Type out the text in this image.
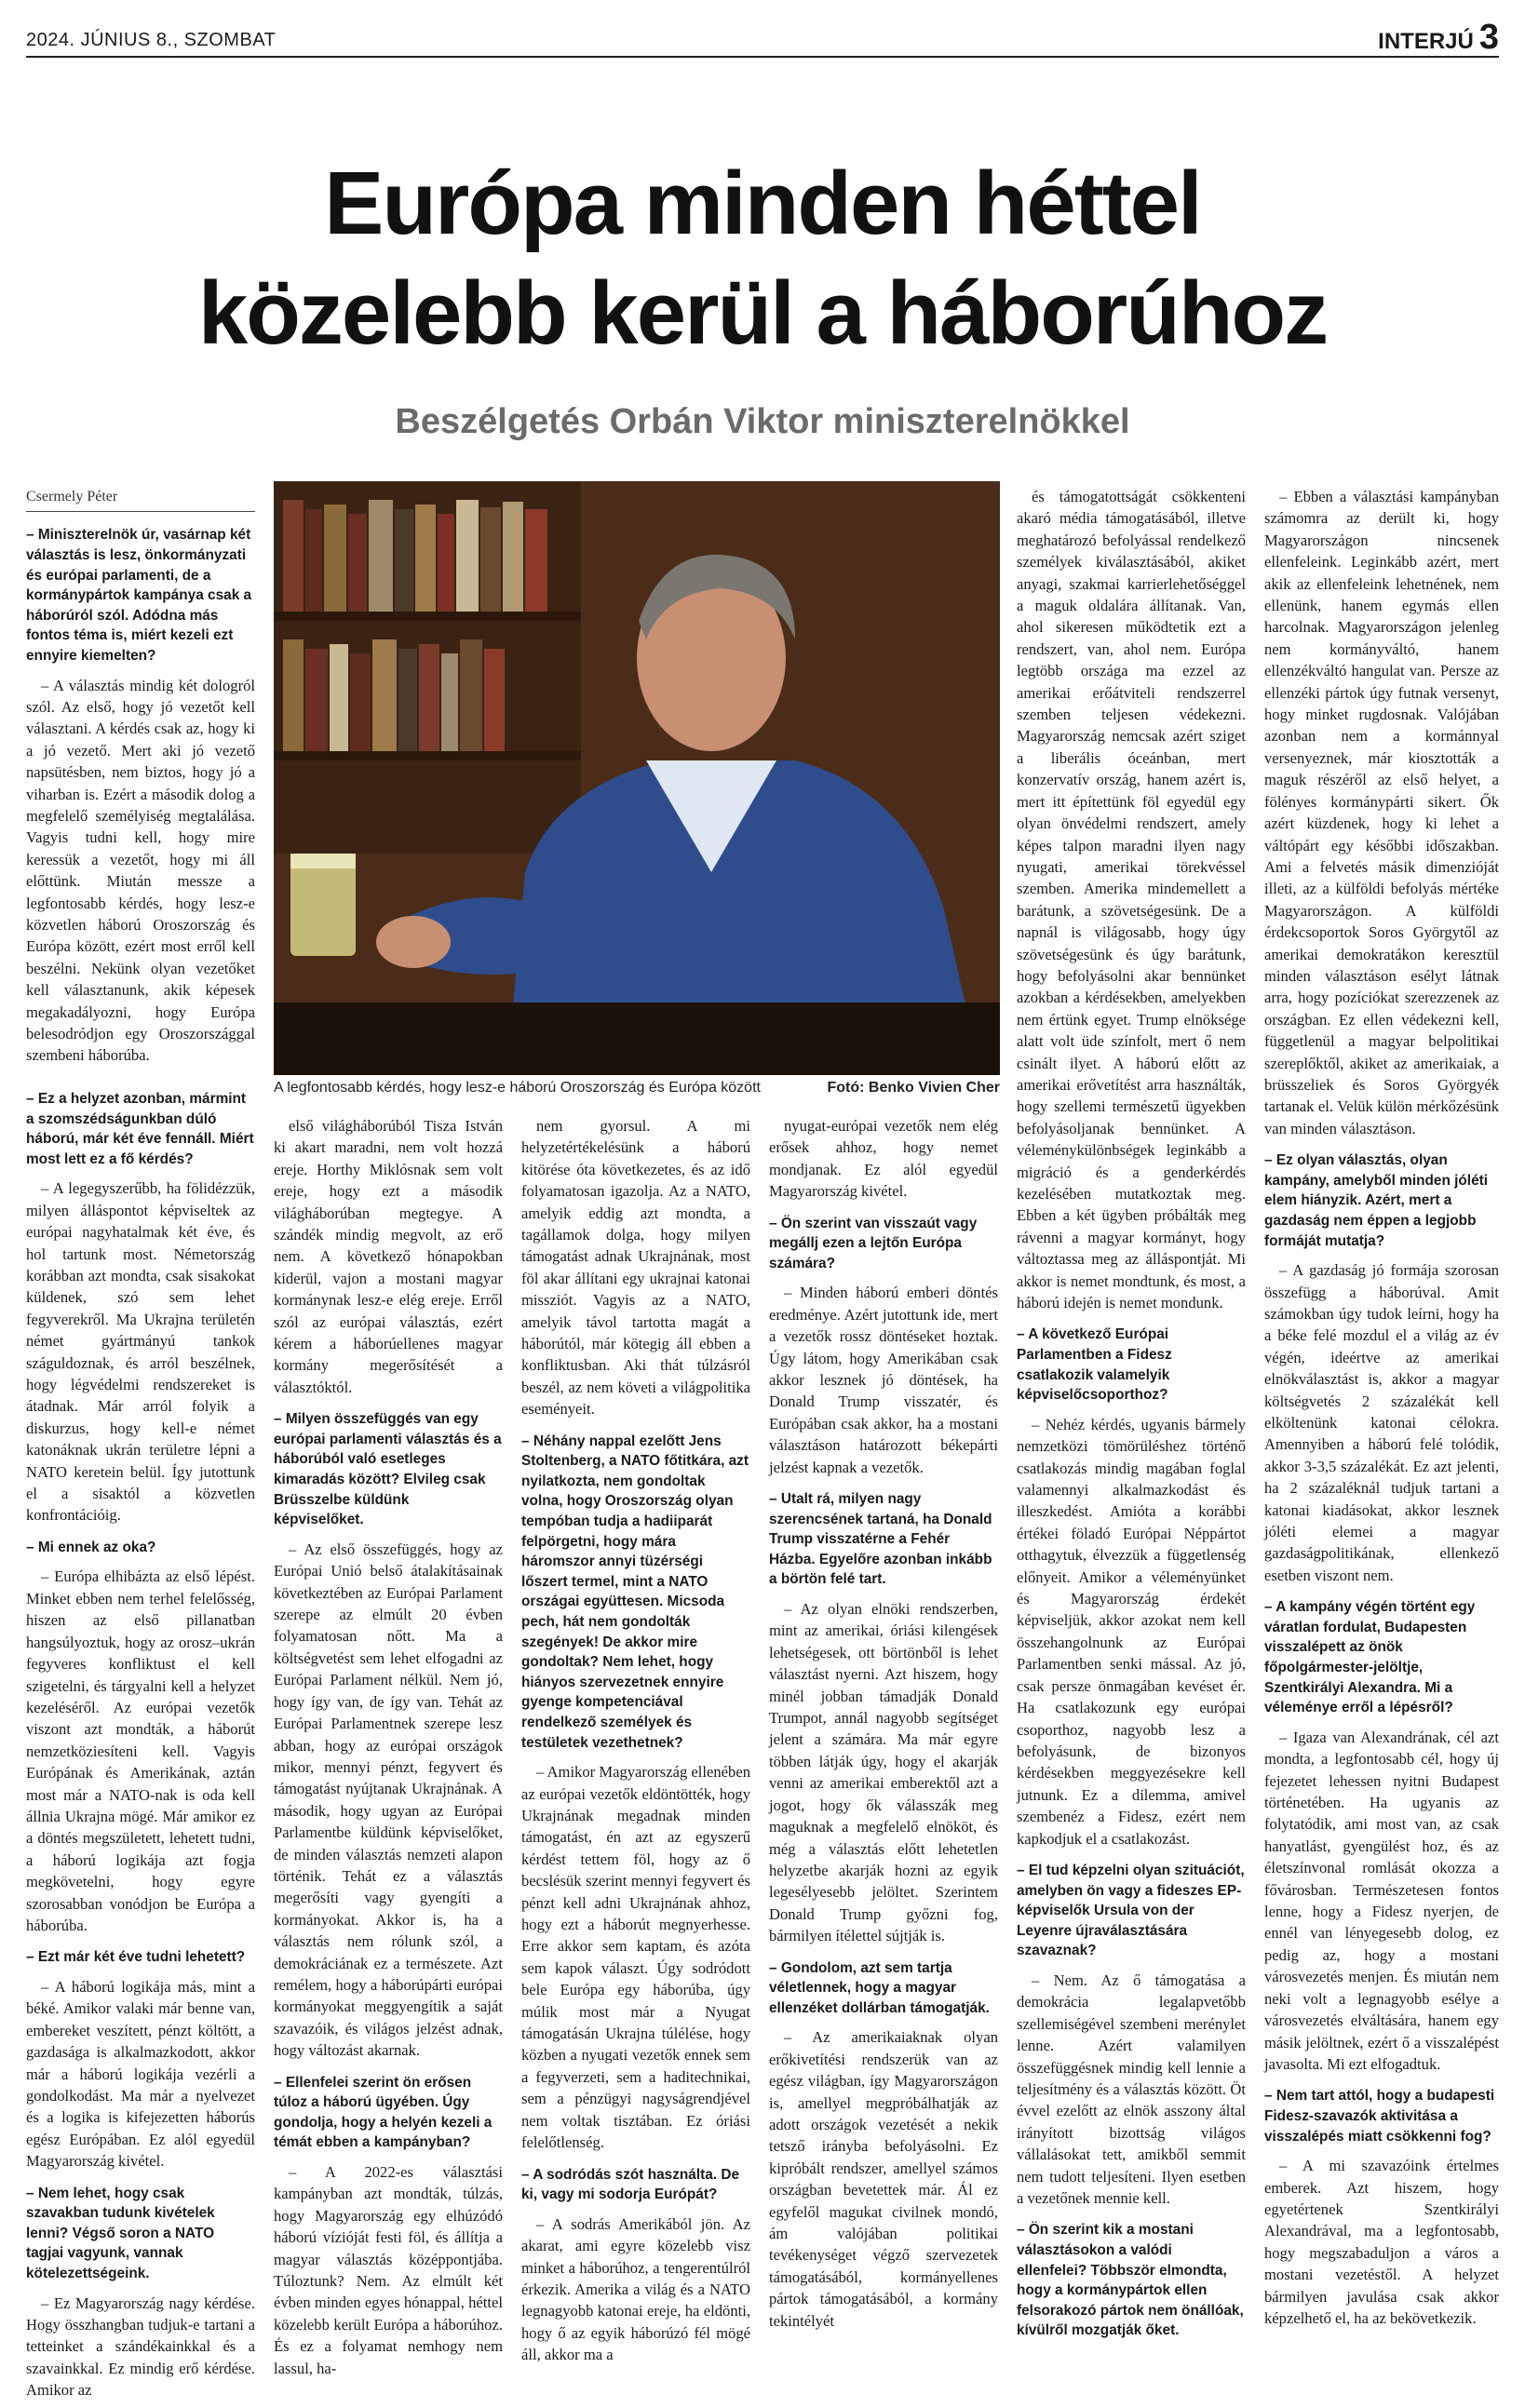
2024. JÚNIUS 8., SZOMBAT	INTERJÚ 3
Európa minden héttel
közelebb kerül a háborúhoz
Beszélgetés Orbán Viktor miniszterelnökkel
Csermely Péter

– Miniszterelnök úr, vasárnap két választás is lesz, önkormányzati és európai parlamenti, de a kormánypártok kampánya csak a háborúról szól. Adódna más fontos téma is, miért kezeli ezt ennyire kiemelten?

– A választás mindig két dologról szól. Az első, hogy jó vezetőt kell választani. A kérdés csak az, hogy ki a jó vezető. Mert aki jó vezető napsütésben, nem biztos, hogy jó a viharban is. Ezért a második dolog a megfelelő személyiség megtalálása. Vagyis tudni kell, hogy mire keressük a vezetőt, hogy mi áll előttünk. Miután messze a legfontosabb kérdés, hogy lesz-e közvetlen háború Oroszország és Európa között, ezért most erről kell beszélni. Nekünk olyan vezetőket kell választanunk, akik képesek megakadályozni, hogy Európa belesodródjon egy Oroszországgal szembeni háborúba.

A legfontosabb kérdés, hogy lesz-e háború Oroszország és Európa között	Fotó: Benko Vivien Cher

– Ez a helyzet azonban, mármint a szomszédságunkban dúló háború, már két éve fennáll. Miért most lett ez a fő kérdés?

– A legegyszerűbb, ha fölidézzük, milyen álláspontot képviseltek az európai nagyhatalmak két éve, és hol tartunk most. Németország korábban azt mondta, csak sisakokat küldenek, szó sem lehet fegyverekről. Ma Ukrajna területén német gyártmányú tankok száguldoznak, és arról beszélnek, hogy légvédelmi rendszereket is átadnak. Már arról folyik a diskurzus, hogy kell-e német katonáknak ukrán területre lépni a NATO keretein belül. Így jutottunk el a sisaktól a közvetlen konfrontációig.

– Mi ennek az oka?

– Európa elhibázta az első lépést. Minket ebben nem terhel felelősség, hiszen az első pillanatban hangsúlyoztuk, hogy az orosz–ukrán fegyveres konfliktust el kell szigetelni, és tárgyalni kell a helyzet kezeléséről. Az európai vezetők viszont azt mondták, a háborút nemzetköziesíteni kell. Vagyis Európának és Amerikának, aztán most már a NATO-nak is oda kell állnia Ukrajna mögé. Már amikor ez a döntés megszületett, lehetett tudni, a háború logikája azt fogja megkövetelni, hogy egyre szorosabban vonódjon be Európa a háborúba.

– Ezt már két éve tudni lehetett?

– A háború logikája más, mint a béké. Amikor valaki már benne van, embereket veszített, pénzt költött, a gazdasága is alkalmazkodott, akkor már a háború logikája vezérli a gondolkodást. Ma már a nyelvezet és a logika is kifejezetten háborús egész Európában. Ez alól egyedül Magyarország kivétel.

– Nem lehet, hogy csak szavakban tudunk kivételek lenni? Végső soron a NATO tagjai vagyunk, vannak kötelezettségeink.

– Ez Magyarország nagy kérdése. Hogy összhangban tudjuk-e tartani a tetteinket a szándékainkkal és a szavainkkal. Ez mindig erő kérdése. Amikor az

első világháborúból Tisza István ki akart maradni, nem volt hozzá ereje. Horthy Miklósnak sem volt ereje, hogy ezt a második világháborúban megtegye. A szándék mindig megvolt, az erő nem. A következő hónapokban kiderül, vajon a mostani magyar kormánynak lesz-e elég ereje. Erről szól az európai választás, ezért kérem a háborúellenes magyar kormány megerősítését a választóktól.

– Milyen összefüggés van egy európai parlamenti választás és a háborúból való esetleges kimaradás között? Elvileg csak Brüsszelbe küldünk képviselőket.

– Az első összefüggés, hogy az Európai Unió belső átalakításainak következtében az Európai Parlament szerepe az elmúlt 20 évben folyamatosan nőtt. Ma a költségvetést sem lehet elfogadni az Európai Parlament nélkül. Nem jó, hogy így van, de így van. Tehát az Európai Parlamentnek szerepe lesz abban, hogy az európai országok mikor, mennyi pénzt, fegyvert és támogatást nyújtanak Ukrajnának. A második, hogy ugyan az Európai Parlamentbe küldünk képviselőket, de minden választás nemzeti alapon történik. Tehát ez a választás megerősíti vagy gyengíti a kormányokat. Akkor is, ha a választás nem rólunk szól, a demokráciának ez a természete. Azt remélem, hogy a háborúpárti európai kormányokat meggyengítik a saját szavazóik, és világos jelzést adnak, hogy változást akarnak.

– Ellenfelei szerint ön erősen túloz a háború ügyében. Úgy gondolja, hogy a helyén kezeli a témát ebben a kampányban?

– A 2022-es választási kampányban azt mondták, túlzás, hogy Magyarország egy elhúzódó háború vízióját festi föl, és állítja a magyar választás középpontjába. Túloztunk? Nem. Az elmúlt két évben minden egyes hónappal, héttel közelebb került Európa a háborúhoz. És ez a folyamat nemhogy nem lassul, ha-

nem gyorsul. A mi helyzetértékelésünk a háború kitörése óta következetes, és az idő folyamatosan igazolja. Az a NATO, amelyik eddig azt mondta, a tagállamok dolga, hogy milyen támogatást adnak Ukrajnának, most föl akar állítani egy ukrajnai katonai missziót. Vagyis az a NATO, amelyik távol tartotta magát a háborútól, már kötegig áll ebben a konfliktusban. Aki thát túlzásról beszél, az nem követi a világpolitika eseményeit.

– Néhány nappal ezelőtt Jens Stoltenberg, a NATO főtitkára, azt nyilatkozta, nem gondoltak volna, hogy Oroszország olyan tempóban tudja a hadiiparát felpörgetni, hogy mára háromszor annyi tüzérségi lőszert termel, mint a NATO országai együttesen. Micsoda pech, hát nem gondolták szegények! De akkor mire gondoltak? Nem lehet, hogy hiányos szervezetnek ennyire gyenge kompetenciával rendelkező személyek és testületek vezethetnek?

– Amikor Magyarország ellenében az európai vezetők eldöntötték, hogy Ukrajnának megadnak minden támogatást, én azt az egyszerű kérdést tettem föl, hogy az ő becslésük szerint mennyi fegyvert és pénzt kell adni Ukrajnának ahhoz, hogy ezt a háborút megnyerhesse. Erre akkor sem kaptam, és azóta sem kapok választ. Úgy sodródott bele Európa egy háborúba, úgy múlik most már a Nyugat támogatásán Ukrajna túlélése, hogy közben a nyugati vezetők ennek sem a fegyverzeti, sem a haditechnikai, sem a pénzügyi nagyságrendjével nem voltak tisztában. Ez óriási felelőtlenség.

– A sodródás szót használta. De ki, vagy mi sodorja Európát?

– A sodrás Amerikából jön. Az akarat, ami egyre közelebb visz minket a háborúhoz, a tengerentúlról érkezik. Amerika a világ és a NATO legnagyobb katonai ereje, ha eldönti, hogy ő az egyik háborúzó fél mögé áll, akkor ma a

nyugat-európai vezetők nem elég erősek ahhoz, hogy nemet mondjanak. Ez alól egyedül Magyarország kivétel.

– Ön szerint van visszaút vagy megállj ezen a lejtőn Európa számára?

– Minden háború emberi döntés eredménye. Azért jutottunk ide, mert a vezetők rossz döntéseket hoztak. Úgy látom, hogy Amerikában csak akkor lesznek jó döntések, ha Donald Trump visszatér, és Európában csak akkor, ha a mostani választáson határozott békepárti jelzést kapnak a vezetők.

– Utalt rá, milyen nagy szerencsének tartaná, ha Donald Trump visszatérne a Fehér Házba. Egyelőre azonban inkább a börtön felé tart.

– Az olyan elnöki rendszerben, mint az amerikai, óriási kilengések lehetségesek, ott börtönből is lehet választást nyerni. Azt hiszem, hogy minél jobban támadják Donald Trumpot, annál nagyobb segítséget jelent a számára. Ma már egyre többen látják úgy, hogy el akarják venni az amerikai emberektől azt a jogot, hogy ők válasszák meg maguknak a megfelelő elnököt, és még a választás előtt lehetetlen helyzetbe akarják hozni az egyik legesélyesebb jelöltet. Szerintem Donald Trump győzni fog, bármilyen ítélettel sújtják is.

– Gondolom, azt sem tartja véletlennek, hogy a magyar ellenzéket dollárban támogatják.

– Az amerikaiaknak olyan erőkivetítési rendszerük van az egész világban, így Magyarországon is, amellyel megpróbálhatják az adott országok vezetését a nekik tetsző irányba befolyásolni. Ez kipróbált rendszer, amellyel számos országban bevetettek már. Ál ez egyfelől magukat civilnek mondó, ám valójában politikai tevékenységet végző szervezetek támogatásából, kormányellenes pártok támogatásából, a kormány tekintélyét

és támogatottságát csökkenteni akaró média támogatásából, illetve meghatározó befolyással rendelkező személyek kiválasztásából, akiket anyagi, szakmai karrierlehetőséggel a maguk oldalára állítanak. Van, ahol sikeresen működtetik ezt a rendszert, van, ahol nem. Európa legtöbb országa ma ezzel az amerikai erőátviteli rendszerrel szemben teljesen védekezni. Magyarország nemcsak azért sziget a liberális óceánban, mert konzervatív ország, hanem azért is, mert itt építettünk föl egyedül egy olyan önvédelmi rendszert, amely képes talpon maradni ilyen nagy nyugati, amerikai törekvéssel szemben. Amerika mindemellett a barátunk, a szövetségesünk. De a napnál is világosabb, hogy úgy szövetségesünk és úgy barátunk, hogy befolyásolni akar bennünket azokban a kérdésekben, amelyekben nem értünk egyet. Trump elnöksége alatt volt üde színfolt, mert ő nem csinált ilyet. A háború előtt az amerikai erővetítést arra használták, hogy szellemi természetű ügyekben befolyásoljanak bennünket. A véleménykülönbségek leginkább a migráció és a genderkérdés kezelésében mutatkoztak meg. Ebben a két ügyben próbálták meg rávenni a magyar kormányt, hogy változtassa meg az álláspontját. Mi akkor is nemet mondtunk, és most, a háború idején is nemet mondunk.

– A következő Európai Parlamentben a Fidesz csatlakozik valamelyik képviselőcsoporthoz?

– Nehéz kérdés, ugyanis bármely nemzetközi tömörüléshez történő csatlakozás mindig magában foglal valamennyi alkalmazkodást és illeszkedést. Amióta a korábbi értékei föladó Európai Néppártot otthagytuk, élvezzük a függetlenség előnyeit. Amikor a véleményünket és Magyarország érdekét képviseljük, akkor azokat nem kell összehangolnunk az Európai Parlamentben senki mással. Az jó, csak persze önmagában kevéset ér. Ha csatlakozunk egy európai csoporthoz, nagyobb lesz a befolyásunk, de bizonyos kérdésekben meggyezésekre kell jutnunk. Ez a dilemma, amivel szembenéz a Fidesz, ezért nem kapkodjuk el a csatlakozást.

– El tud képzelni olyan szituációt, amelyben ön vagy a fideszes EP-képviselők Ursula von der Leyenre újraválasztására szavaznak?

– Nem. Az ő támogatása a demokrácia legalapvetőbb szellemiségével szembeni merénylet lenne. Azért valamilyen összefüggésnek mindig kell lennie a teljesítmény és a választás között. Öt évvel ezelőtt az elnök asszony által irányított bizottság világos vállalásokat tett, amikből semmit nem tudott teljesíteni. Ilyen esetben a vezetőnek mennie kell.

– Ön szerint kik a mostani választásokon a valódi ellenfelei? Többször elmondta, hogy a kormánypártok ellen felsorakozó pártok nem önállóak, kívülről mozgatják őket.

– Ebben a választási kampányban számomra az derült ki, hogy Magyarországon nincsenek ellenfeleink. Leginkább azért, mert akik az ellenfeleink lehetnének, nem ellenünk, hanem egymás ellen harcolnak. Magyarországon jelenleg nem kormányváltó, hanem ellenzékváltó hangulat van. Persze az ellenzéki pártok úgy futnak versenyt, hogy minket rugdosnak. Valójában azonban nem a kormánnyal versenyeznek, már kiosztották a maguk részéről az első helyet, a fölényes kormánypárti sikert. Ők azért küzdenek, hogy ki lehet a váltópárt egy későbbi időszakban. Ami a felvetés másik dimenzióját illeti, az a külföldi befolyás mértéke Magyarországon. A külföldi érdekcsoportok Soros Györgytől az amerikai demokratákon keresztül minden választáson esélyt látnak arra, hogy pozíciókat szerezzenek az országban. Ez ellen védekezni kell, függetlenül a magyar belpolitikai szereplőktől, akiket az amerikaiak, a brüsszeliek és Soros Györgyék tartanak el. Velük külön mérkőzésünk van minden választáson.

– Ez olyan választás, olyan kampány, amelyből minden jóléti elem hiányzik. Azért, mert a gazdaság nem éppen a legjobb formáját mutatja?

– A gazdaság jó formája szorosan összefügg a háborúval. Amit számokban úgy tudok leírni, hogy ha a béke felé mozdul el a világ az év végén, ideértve az amerikai elnökválasztást is, akkor a magyar költségvetés 2 százalékát kell elköltenünk katonai célokra. Amennyiben a háború felé tolódik, akkor 3-3,5 százalékát. Ez azt jelenti, ha 2 százaléknál tudjuk tartani a katonai kiadásokat, akkor lesznek jóléti elemei a magyar gazdaságpolitikának, ellenkező esetben viszont nem.

– A kampány végén történt egy váratlan fordulat, Budapesten visszalépett az önök főpolgármester-jelöltje, Szentkirályi Alexandra. Mi a véleménye erről a lépésről?

– Igaza van Alexandrának, cél azt mondta, a legfontosabb cél, hogy új fejezetet lehessen nyitni Budapest történetében. Ha ugyanis az folytatódik, ami most van, az csak hanyatlást, gyengülést hoz, és az életszínvonal romlását okozza a fővárosban. Természetesen fontos lenne, hogy a Fidesz nyerjen, de ennél van lényegesebb dolog, ez pedig az, hogy a mostani városvezetés menjen. És miután nem neki volt a legnagyobb esélye a városvezetés elváltására, hanem egy másik jelöltnek, ezért ő a visszalépést javasolta. Mi ezt elfogadtuk.

– Nem tart attól, hogy a budapesti Fidesz-szavazók aktivitása a visszalépés miatt csökkenni fog?

– A mi szavazóink értelmes emberek. Azt hiszem, hogy egyetértenek Szentkirályi Alexandrával, ma a legfontosabb, hogy megszabaduljon a város a mostani vezetéstől. A helyzet bármilyen javulása csak akkor képzelhető el, ha az bekövetkezik.
